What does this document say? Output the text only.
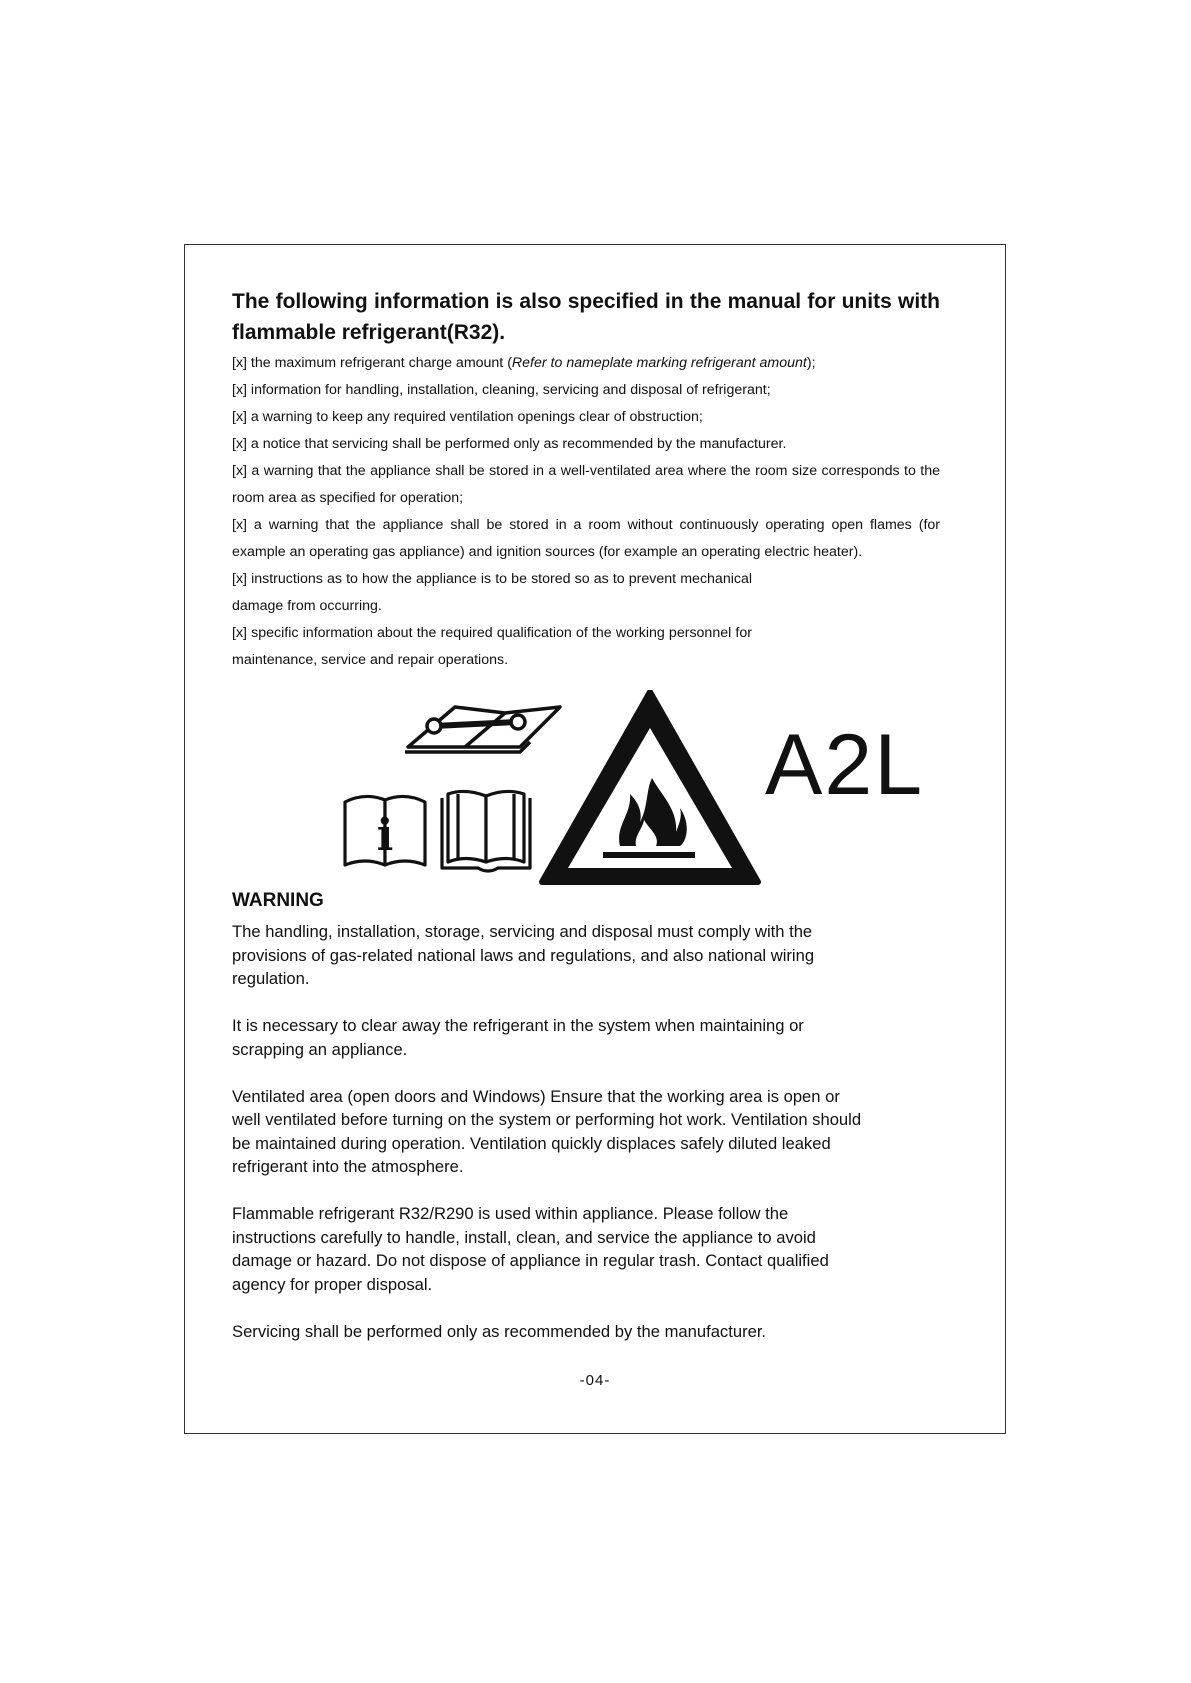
The following information is also specified in the manual for units with flammable refrigerant(R32).
[x] the maximum refrigerant charge amount (Refer to nameplate marking refrigerant amount);
[x] information for handling, installation, cleaning, servicing and disposal of refrigerant;
[x] a warning to keep any required ventilation openings clear of obstruction;
[x] a notice that servicing shall be performed only as recommended by the manufacturer.
[x] a warning that the appliance shall be stored in a well-ventilated area where the room size corresponds to the room area as specified for operation;
[x] a warning that the appliance shall be stored in a room without continuously operating open flames (for example an operating gas appliance) and ignition sources (for example an operating electric heater).
[x] instructions as to how the appliance is to be stored so as to prevent mechanical damage from occurring.
[x] specific information about the required qualification of the working personnel for maintenance, service and repair operations.
i
A2L
WARNING

The handling, installation, storage, servicing and disposal must comply with the provisions of gas-related national laws and regulations, and also national wiring regulation.

It is necessary to clear away the refrigerant in the system when maintaining or scrapping an appliance.

Ventilated area (open doors and Windows) Ensure that the working area is open or well ventilated before turning on the system or performing hot work. Ventilation should be maintained during operation. Ventilation quickly displaces safely diluted leaked refrigerant into the atmosphere.

Flammable refrigerant R32/R290 is used within appliance. Please follow the instructions carefully to handle, install, clean, and service the appliance to avoid damage or hazard. Do not dispose of appliance in regular trash. Contact qualified agency for proper disposal.

Servicing shall be performed only as recommended by the manufacturer.

-04-
